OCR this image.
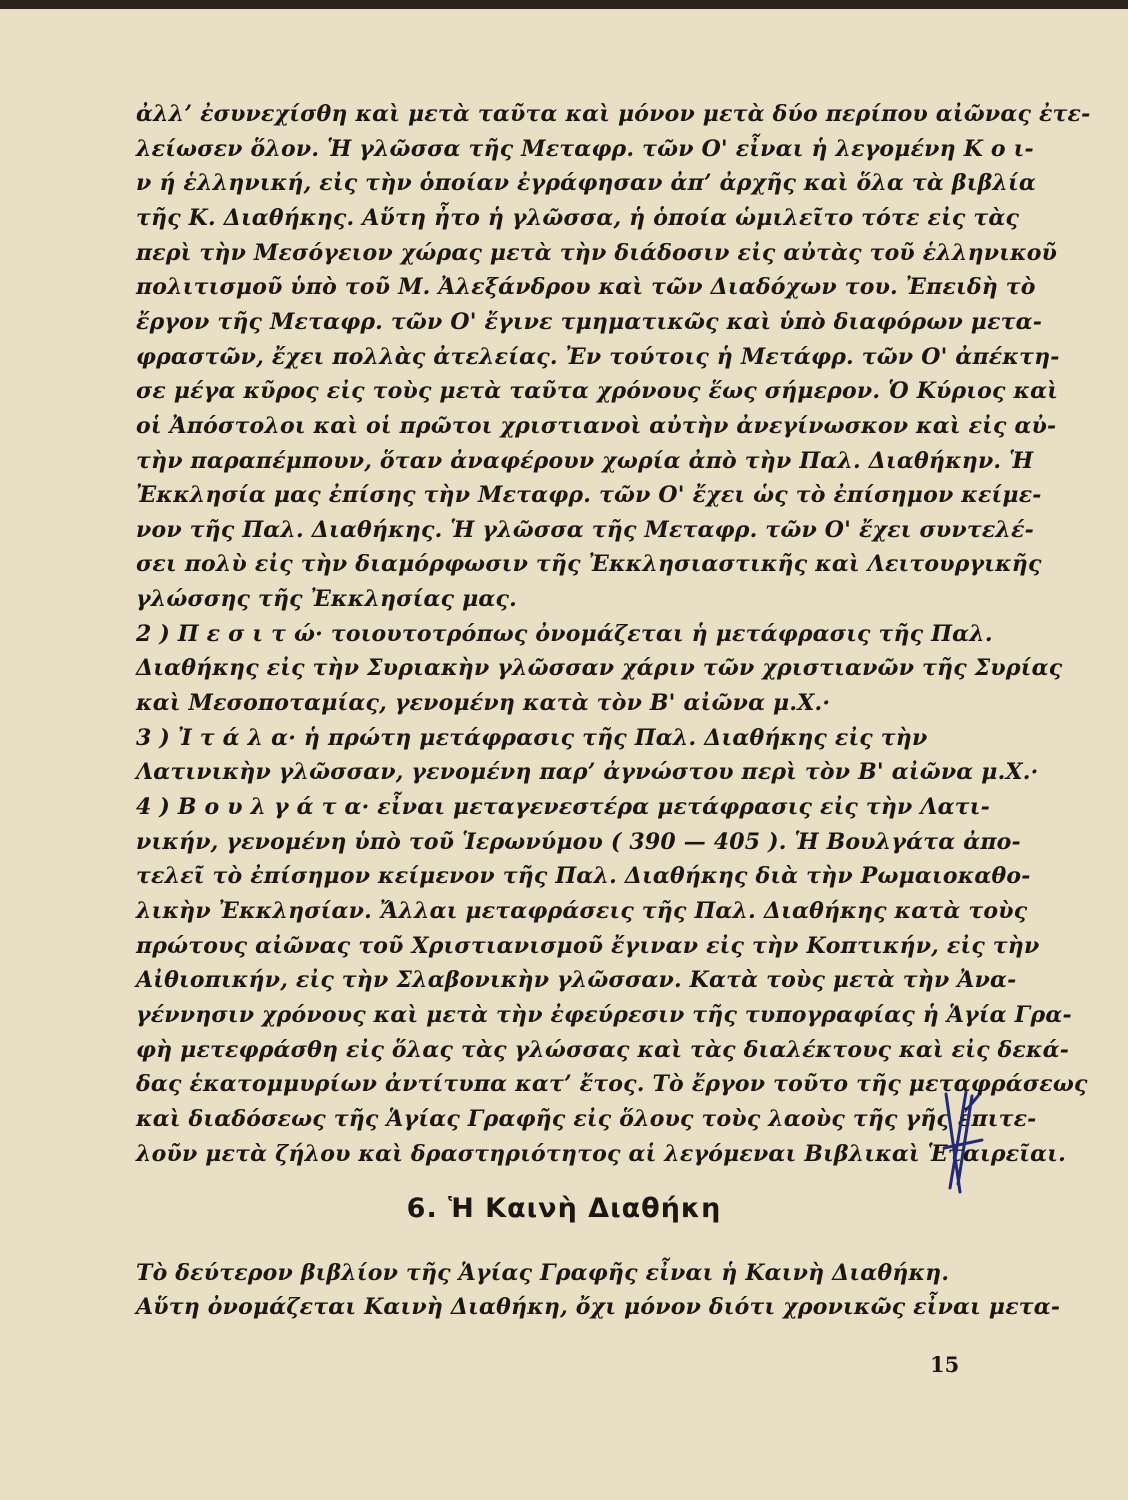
ἀλλ’ ἐσυνεχίσθη καὶ μετὰ ταῦτα καὶ μόνον μετὰ δύο περίπου αἰῶνας ἐτε-
λείωσεν ὅλον. Ἡ γλῶσσα τῆς Μεταφρ. τῶν Ο' εἶναι ἡ λεγομένη Κ ο ι-
ν ή ἑλληνική, εἰς τὴν ὁποίαν ἐγράφησαν ἀπ’ ἀρχῆς καὶ ὅλα τὰ βιβλία
τῆς Κ. Διαθήκης. Αὕτη ἦτο ἡ γλῶσσα, ἡ ὁποία ὡμιλεῖτο τότε εἰς τὰς
περὶ τὴν Μεσόγειον χώρας μετὰ τὴν διάδοσιν εἰς αὐτὰς τοῦ ἑλληνικοῦ
πολιτισμοῦ ὑπὸ τοῦ Μ. Ἀλεξάνδρου καὶ τῶν Διαδόχων του. Ἐπειδὴ τὸ
ἔργον τῆς Μεταφρ. τῶν Ο' ἔγινε τμηματικῶς καὶ ὑπὸ διαφόρων μετα-
φραστῶν, ἔχει πολλὰς ἀτελείας. Ἐν τούτοις ἡ Μετάφρ. τῶν Ο' ἀπέκτη-
σε μέγα κῦρος εἰς τοὺς μετὰ ταῦτα χρόνους ἕως σήμερον. Ὁ Κύριος καὶ
οἱ Ἀπόστολοι καὶ οἱ πρῶτοι χριστιανοὶ αὐτὴν ἀνεγίνωσκον καὶ εἰς αὐ-
τὴν παραπέμπουν, ὅταν ἀναφέρουν χωρία ἀπὸ τὴν Παλ. Διαθήκην. Ἡ
Ἐκκλησία μας ἐπίσης τὴν Μεταφρ. τῶν Ο' ἔχει ὡς τὸ ἐπίσημον κείμε-
νον τῆς Παλ. Διαθήκης. Ἡ γλῶσσα τῆς Μεταφρ. τῶν Ο' ἔχει συντελέ-
σει πολὺ εἰς τὴν διαμόρφωσιν τῆς Ἐκκλησιαστικῆς καὶ Λειτουργικῆς
γλώσσης τῆς Ἐκκλησίας μας.
2 ) Π ε σ ι τ ώ· τοιουτοτρόπως ὀνομάζεται ἡ μετάφρασις τῆς Παλ.
Διαθήκης εἰς τὴν Συριακὴν γλῶσσαν χάριν τῶν χριστιανῶν τῆς Συρίας
καὶ Μεσοποταμίας, γενομένη κατὰ τὸν Β' αἰῶνα μ.Χ.·
3 ) Ἰ τ ά λ α· ἡ πρώτη μετάφρασις τῆς Παλ. Διαθήκης εἰς τὴν
Λατινικὴν γλῶσσαν, γενομένη παρ’ ἀγνώστου περὶ τὸν Β' αἰῶνα μ.Χ.·
4 ) Β ο υ λ γ ά τ α· εἶναι μεταγενεστέρα μετάφρασις εἰς τὴν Λατι-
νικήν, γενομένη ὑπὸ τοῦ Ἱερωνύμου ( 390 — 405 ). Ἡ Βουλγάτα ἀπο-
τελεῖ τὸ ἐπίσημον κείμενον τῆς Παλ. Διαθήκης διὰ τὴν Ρωμαιοκαθο-
λικὴν Ἐκκλησίαν. Ἄλλαι μεταφράσεις τῆς Παλ. Διαθήκης κατὰ τοὺς
πρώτους αἰῶνας τοῦ Χριστιανισμοῦ ἔγιναν εἰς τὴν Κοπτικήν, εἰς τὴν
Αἰθιοπικήν, εἰς τὴν Σλαβονικὴν γλῶσσαν. Κατὰ τοὺς μετὰ τὴν Ἀνα-
γέννησιν χρόνους καὶ μετὰ τὴν ἐφεύρεσιν τῆς τυπογραφίας ἡ Ἁγία Γρα-
φὴ μετεφράσθη εἰς ὅλας τὰς γλώσσας καὶ τὰς διαλέκτους καὶ εἰς δεκά-
δας ἑκατομμυρίων ἀντίτυπα κατ’ ἔτος. Τὸ ἔργον τοῦτο τῆς μεταφράσεως
καὶ διαδόσεως τῆς Ἁγίας Γραφῆς εἰς ὅλους τοὺς λαοὺς τῆς γῆς ἐπιτε-
λοῦν μετὰ ζήλου καὶ δραστηριότητος αἱ λεγόμεναι Βιβλικαὶ Ἑταιρεῖαι.
6. Ἡ Καινὴ Διαθήκη
Τὸ δεύτερον βιβλίον τῆς Ἁγίας Γραφῆς εἶναι ἡ Καινὴ Διαθήκη.
Αὕτη ὀνομάζεται Καινὴ Διαθήκη, ὄχι μόνον διότι χρονικῶς εἶναι μετα-
15
